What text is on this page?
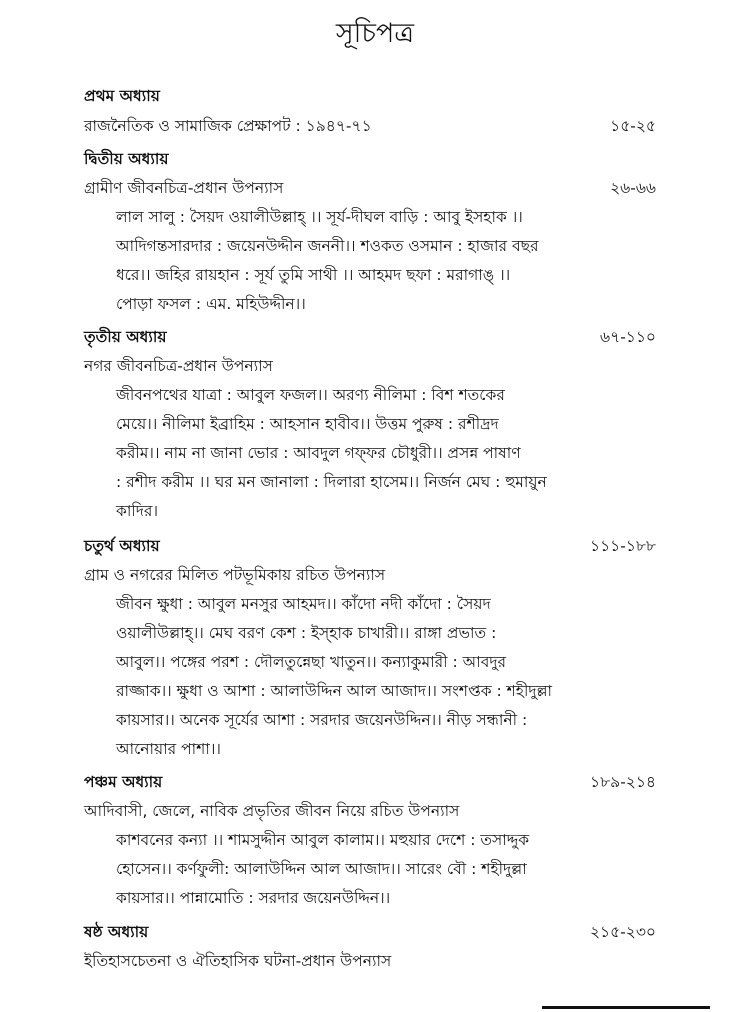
সূচিপত্র
প্রথম অধ্যায়
রাজনৈতিক ও সামাজিক প্রেক্ষাপট : ১৯৪৭-৭১	১৫-২৫
দ্বিতীয় অধ্যায়
গ্রামীণ জীবনচিত্র-প্রধান উপন্যাস	২৬-৬৬
লাল সালু : সৈয়দ ওয়ালীউল্লাহ্ ।। সূর্য-দীঘল বাড়ি : আবু ইসহাক ।।
আদিগন্তসারদার : জয়েনউদ্দীন জননী।। শওকত ওসমান : হাজার বছর
ধরে।। জহির রায়হান : সূর্য তুমি সাথী ।। আহমদ ছফা : মরাগাঙ্ ।।
পোড়া ফসল : এম. মহিউদ্দীন।।
তৃতীয় অধ্যায়	৬৭-১১০
নগর জীবনচিত্র-প্রধান উপন্যাস
জীবনপথের যাত্রা : আবুল ফজল।। অরণ্য নীলিমা : বিশ শতকের
মেয়ে।। নীলিমা ইব্রাহিম : আহসান হাবীব।। উত্তম পুরুষ : রশীদ্রদ
করীম।। নাম না জানা ভোর : আবদুল গফ্ফর চৌধুরী।। প্রসন্ন পাষাণ
: রশীদ করীম ।। ঘর মন জানালা : দিলারা হাসেম।। নির্জন মেঘ : হুমায়ুন
কাদির।
চতুর্থ অধ্যায়	১১১-১৮৮
গ্রাম ও নগরের মিলিত পটভূমিকায় রচিত উপন্যাস
জীবন ক্ষুধা : আবুল মনসুর আহমদ।। কাঁদো নদী কাঁদো : সৈয়দ
ওয়ালীউল্লাহ্।। মেঘ বরণ কেশ : ইস্হাক চাখারী।। রাঙ্গা প্রভাত :
আবুল।। পঙ্গের পরশ : দৌলতুন্নেছা খাতুন।। কন্যাকুমারী : আবদুর
রাজ্জাক।। ক্ষুধা ও আশা : আলাউদ্দিন আল আজাদ।। সংশপ্তক : শহীদুল্লা
কায়সার।। অনেক সূর্যের আশা : সরদার জয়েনউদ্দিন।। নীড় সন্ধানী :
আনোয়ার পাশা।।
পঞ্চম অধ্যায়	১৮৯-২১৪
আদিবাসী, জেলে, নাবিক প্রভৃতির জীবন নিয়ে রচিত উপন্যাস
কাশবনের কন্যা ।। শামসুদ্দীন আবুল কালাম।। মহুয়ার দেশে : তসাদ্দুক
হোসেন।। কর্ণফুলী: আলাউদ্দিন আল আজাদ।। সারেং বৌ : শহীদুল্লা
কায়সার।। পান্নামোতি : সরদার জয়েনউদ্দিন।।
ষষ্ঠ অধ্যায়	২১৫-২৩০
ইতিহাসচেতনা ও ঐতিহাসিক ঘটনা-প্রধান উপন্যাস
